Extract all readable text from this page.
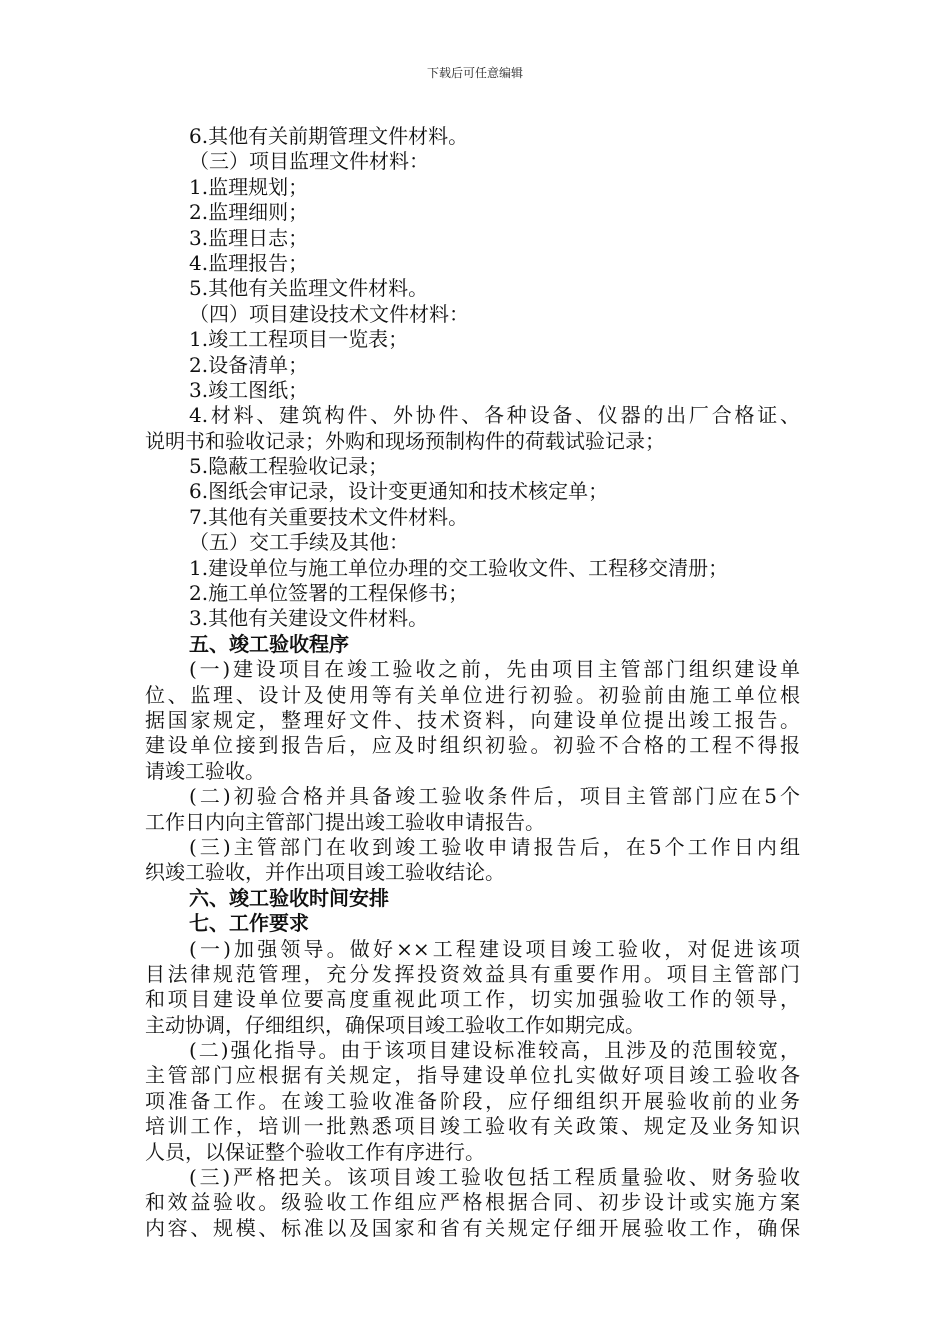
下载后可任意编辑
6.其他有关前期管理文件材料。
（三）项目监理文件材料：
1.监理规划；
2.监理细则；
3.监理日志；
4.监理报告；
5.其他有关监理文件材料。
（四）项目建设技术文件材料：
1.竣工工程项目一览表；
2.设备清单；
3.竣工图纸；
4.材料、建筑构件、外协件、各种设备、仪器的出厂合格证、
说明书和验收记录；外购和现场预制构件的荷载试验记录；
5.隐蔽工程验收记录；
6.图纸会审记录，设计变更通知和技术核定单；
7.其他有关重要技术文件材料。
（五）交工手续及其他：
1.建设单位与施工单位办理的交工验收文件、工程移交清册；
2.施工单位签署的工程保修书；
3.其他有关建设文件材料。
五、竣工验收程序
(一)建设项目在竣工验收之前，先由项目主管部门组织建设单
位、监理、设计及使用等有关单位进行初验。初验前由施工单位根
据国家规定，整理好文件、技术资料，向建设单位提出竣工报告。
建设单位接到报告后，应及时组织初验。初验不合格的工程不得报
请竣工验收。
(二)初验合格并具备竣工验收条件后，项目主管部门应在5个
工作日内向主管部门提出竣工验收申请报告。
(三)主管部门在收到竣工验收申请报告后，在5个工作日内组
织竣工验收，并作出项目竣工验收结论。
六、竣工验收时间安排
七、工作要求
(一)加强领导。做好××工程建设项目竣工验收，对促进该项
目法律规范管理，充分发挥投资效益具有重要作用。项目主管部门
和项目建设单位要高度重视此项工作，切实加强验收工作的领导，
主动协调，仔细组织，确保项目竣工验收工作如期完成。
(二)强化指导。由于该项目建设标准较高，且涉及的范围较宽，
主管部门应根据有关规定，指导建设单位扎实做好项目竣工验收各
项准备工作。在竣工验收准备阶段，应仔细组织开展验收前的业务
培训工作，培训一批熟悉项目竣工验收有关政策、规定及业务知识
人员，以保证整个验收工作有序进行。
(三)严格把关。该项目竣工验收包括工程质量验收、财务验收
和效益验收。级验收工作组应严格根据合同、初步设计或实施方案
内容、规模、标准以及国家和省有关规定仔细开展验收工作，确保
